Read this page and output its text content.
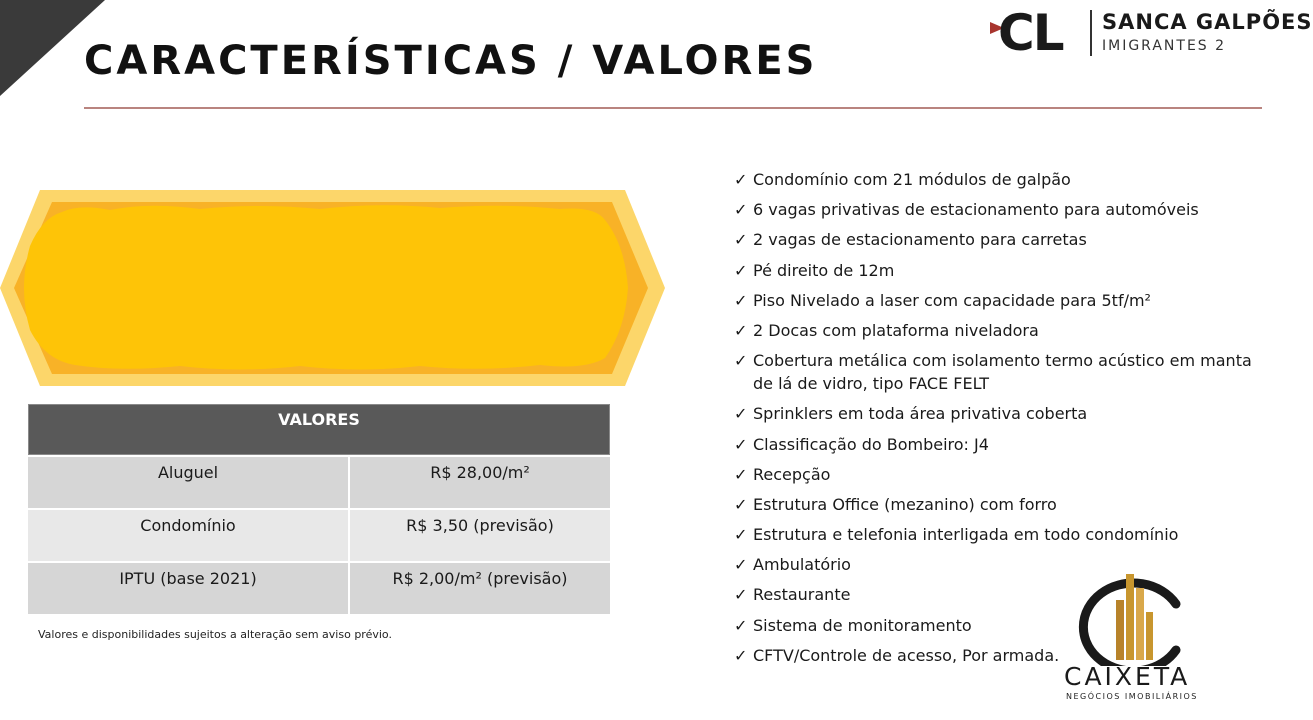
CARACTERÍSTICAS / VALORES	CL SANCA GALPÕES
IMIGRANTES 2
VALORES
Aluguel	R$ 28,00/m²
Condomínio	R$ 3,50 (previsão)
IPTU (base 2021)	R$ 2,00/m² (previsão)
Valores e disponibilidades sujeitos a alteração sem aviso prévio.
✓ Condomínio com 21 módulos de galpão
✓ 6 vagas privativas de estacionamento para automóveis
✓ 2 vagas de estacionamento para carretas
✓ Pé direito de 12m
✓ Piso Nivelado a laser com capacidade para 5tf/m²
✓ 2 Docas com plataforma niveladora
✓ Cobertura metálica com isolamento termo acústico em manta de lá de vidro, tipo FACE FELT
✓ Sprinklers em toda área privativa coberta
✓ Classificação do Bombeiro: J4
✓ Recepção
✓ Estrutura Office (mezanino) com forro
✓ Estrutura e telefonia interligada em todo condomínio
✓ Ambulatório
✓ Restaurante
✓ Sistema de monitoramento
✓ CFTV/Controle de acesso, Por armada.
CAIXETA
NEGÓCIOS IMOBILIÁRIOS
